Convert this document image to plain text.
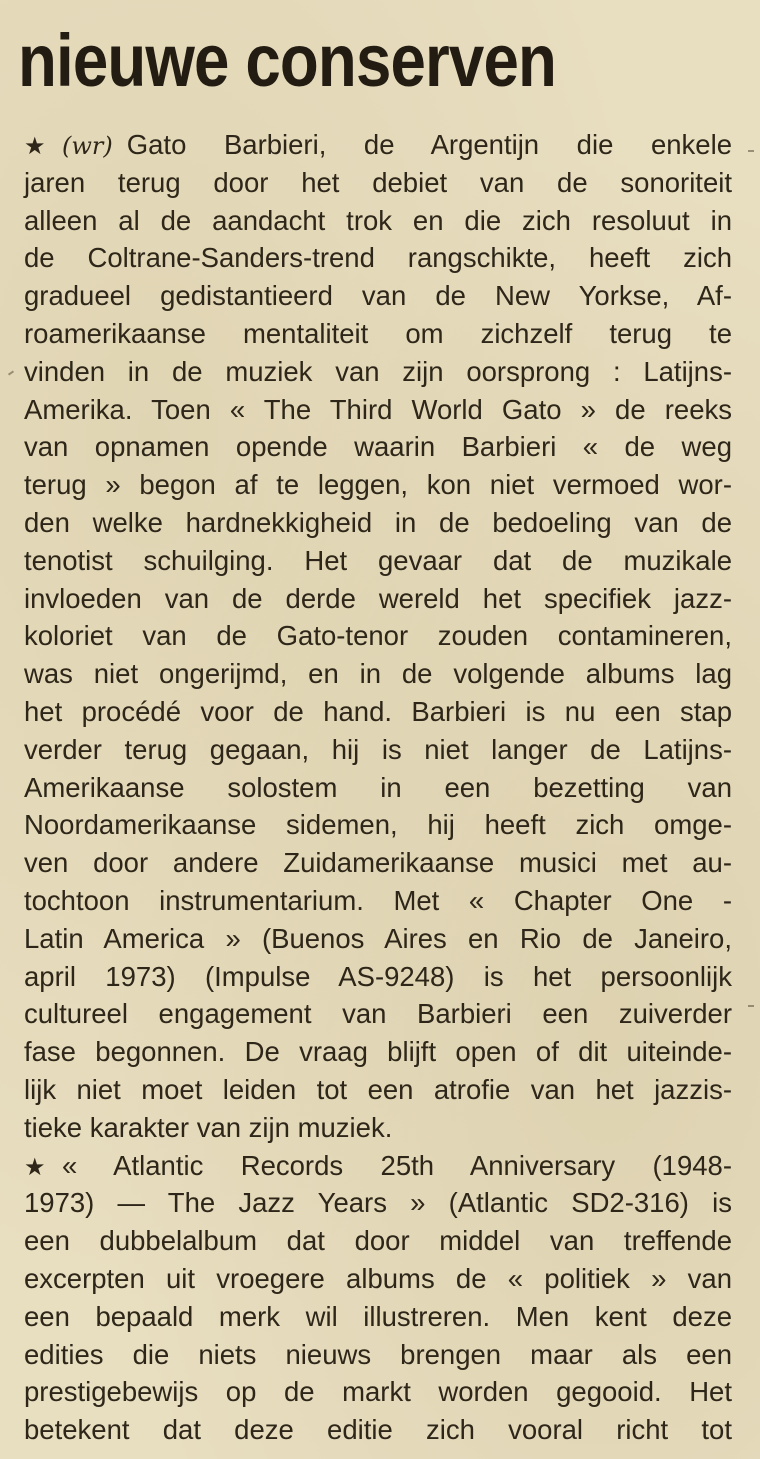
nieuwe conserven
★ (wr) Gato Barbieri, de Argentijn die enkele
jaren terug door het debiet van de sonoriteit
alleen al de aandacht trok en die zich resoluut in
de Coltrane-Sanders-trend rangschikte, heeft zich
gradueel gedistantieerd van de New Yorkse, Af-
roamerikaanse mentaliteit om zichzelf terug te
vinden in de muziek van zijn oorsprong : Latijns-
Amerika. Toen « The Third World Gato » de reeks
van opnamen opende waarin Barbieri « de weg
terug » begon af te leggen, kon niet vermoed wor-
den welke hardnekkigheid in de bedoeling van de
tenotist schuilging. Het gevaar dat de muzikale
invloeden van de derde wereld het specifiek jazz-
koloriet van de Gato-tenor zouden contamineren,
was niet ongerijmd, en in de volgende albums lag
het procédé voor de hand. Barbieri is nu een stap
verder terug gegaan, hij is niet langer de Latijns-
Amerikaanse solostem in een bezetting van
Noordamerikaanse sidemen, hij heeft zich omge-
ven door andere Zuidamerikaanse musici met au-
tochtoon instrumentarium. Met « Chapter One -
Latin America » (Buenos Aires en Rio de Janeiro,
april 1973) (Impulse AS-9248) is het persoonlijk
cultureel engagement van Barbieri een zuiverder
fase begonnen. De vraag blijft open of dit uiteinde-
lijk niet moet leiden tot een atrofie van het jazzis-
tieke karakter van zijn muziek.
★ « Atlantic Records 25th Anniversary (1948-
1973) — The Jazz Years » (Atlantic SD2-316) is
een dubbelalbum dat door middel van treffende
excerpten uit vroegere albums de « politiek » van
een bepaald merk wil illustreren. Men kent deze
edities die niets nieuws brengen maar als een
prestigebewijs op de markt worden gegooid. Het
betekent dat deze editie zich vooral richt tot
